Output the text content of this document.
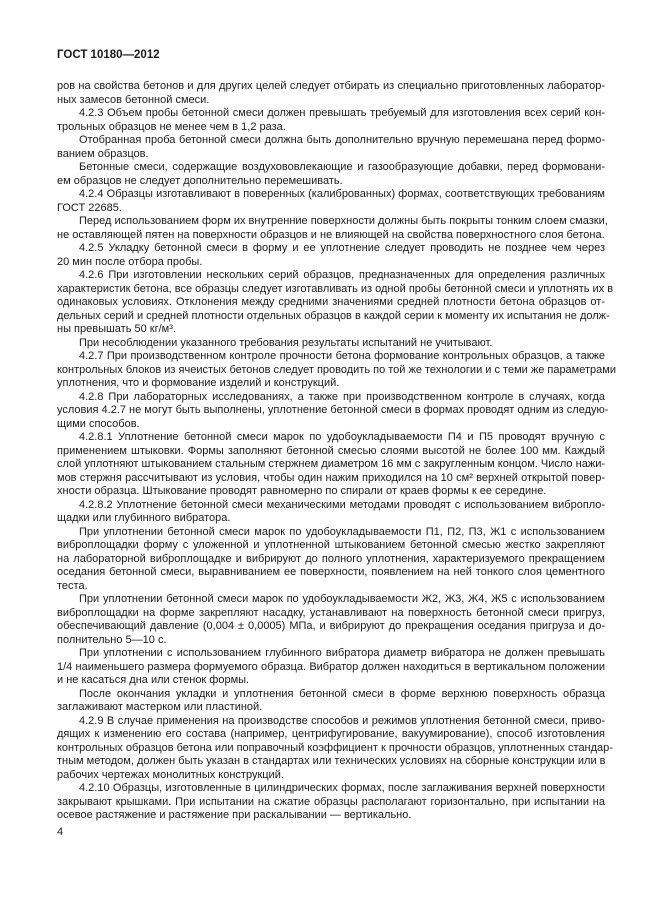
ГОСТ 10180—2012
ров на свойства бетонов и для других целей следует отбирать из специально приготовленных лаборатор-
ных замесов бетонной смеси.
4.2.3 Объем пробы бетонной смеси должен превышать требуемый для изготовления всех серий кон-
трольных образцов не менее чем в 1,2 раза.
Отобранная проба бетонной смеси должна быть дополнительно вручную перемешана перед формо-
ванием образцов.
Бетонные смеси, содержащие воздухововлекающие и газообразующие добавки, перед формовани-
ем образцов не следует дополнительно перемешивать.
4.2.4 Образцы изготавливают в поверенных (калиброванных) формах, соответствующих требованиям
ГОСТ 22685.
Перед использованием форм их внутренние поверхности должны быть покрыты тонким слоем смазки,
не оставляющей пятен на поверхности образцов и не влияющей на свойства поверхностного слоя бетона.
4.2.5 Укладку бетонной смеси в форму и ее уплотнение следует проводить не позднее чем через
20 мин после отбора пробы.
4.2.6 При изготовлении нескольких серий образцов, предназначенных для определения различных
характеристик бетона, все образцы следует изготавливать из одной пробы бетонной смеси и уплотнять их в
одинаковых условиях. Отклонения между средними значениями средней плотности бетона образцов от-
дельных серий и средней плотности отдельных образцов в каждой серии к моменту их испытания не долж-
ны превышать 50 кг/м³.
При несоблюдении указанного требования результаты испытаний не учитывают.
4.2.7 При производственном контроле прочности бетона формование контрольных образцов, а также
контрольных блоков из ячеистых бетонов следует проводить по той же технологии и с теми же параметрами
уплотнения, что и формование изделий и конструкций.
4.2.8 При лабораторных исследованиях, а также при производственном контроле в случаях, когда
условия 4.2.7 не могут быть выполнены, уплотнение бетонной смеси в формах проводят одним из следую-
щими способов.
4.2.8.1 Уплотнение бетонной смеси марок по удобоукладываемости П4 и П5 проводят вручную с
применением штыковки. Формы заполняют бетонной смесью слоями высотой не более 100 мм. Каждый
слой уплотняют штыкованием стальным стержнем диаметром 16 мм с закругленным концом. Число нажи-
мов стержня рассчитывают из условия, чтобы один нажим приходился на 10 см² верхней открытой повер-
хности образца. Штыкование проводят равномерно по спирали от краев формы к ее середине.
4.2.8.2 Уплотнение бетонной смеси механическими методами проводят с использованием виброплo-
щадки или глубинного вибратора.
При уплотнении бетонной смеси марок по удобоукладываемости П1, П2, П3, Ж1 с использованием
виброплощадки форму с уложенной и уплотненной штыкованием бетонной смесью жестко закрепляют
на лабораторной виброплощадке и вибрируют до полного уплотнения, характеризуемого прекращением
оседания бетонной смеси, выравниванием ее поверхности, появлением на ней тонкого слоя цементного
теста.
При уплотнении бетонной смеси марок по удобоукладываемости Ж2, Ж3, Ж4, Ж5 с использованием
виброплощадки на форме закрепляют насадку, устанавливают на поверхность бетонной смеси пригруз,
обеспечивающий давление (0,004 ± 0,0005) МПа, и вибрируют до прекращения оседания пригруза и до-
полнительно 5—10 с.
При уплотнении с использованием глубинного вибратора диаметр вибратора не должен превышать
1/4 наименьшего размера формуемого образца. Вибратор должен находиться в вертикальном положении
и не касаться дна или стенок формы.
После окончания укладки и уплотнения бетонной смеси в форме верхнюю поверхность образца
заглаживают мастерком или пластиной.
4.2.9 В случае применения на производстве способов и режимов уплотнения бетонной смеси, приво-
дящих к изменению его состава (например, центрифугирование, вакуумирование), способ изготовления
контрольных образцов бетона или поправочный коэффициент к прочности образцов, уплотненных стандар-
тным методом, должен быть указан в стандартах или технических условиях на сборные конструкции или в
рабочих чертежах монолитных конструкций.
4.2.10 Образцы, изготовленные в цилиндрических формах, после заглаживания верхней поверхности
закрывают крышками. При испытании на сжатие образцы располагают горизонтально, при испытании на
осевое растяжение и растяжение при раскалывании — вертикально.
4
